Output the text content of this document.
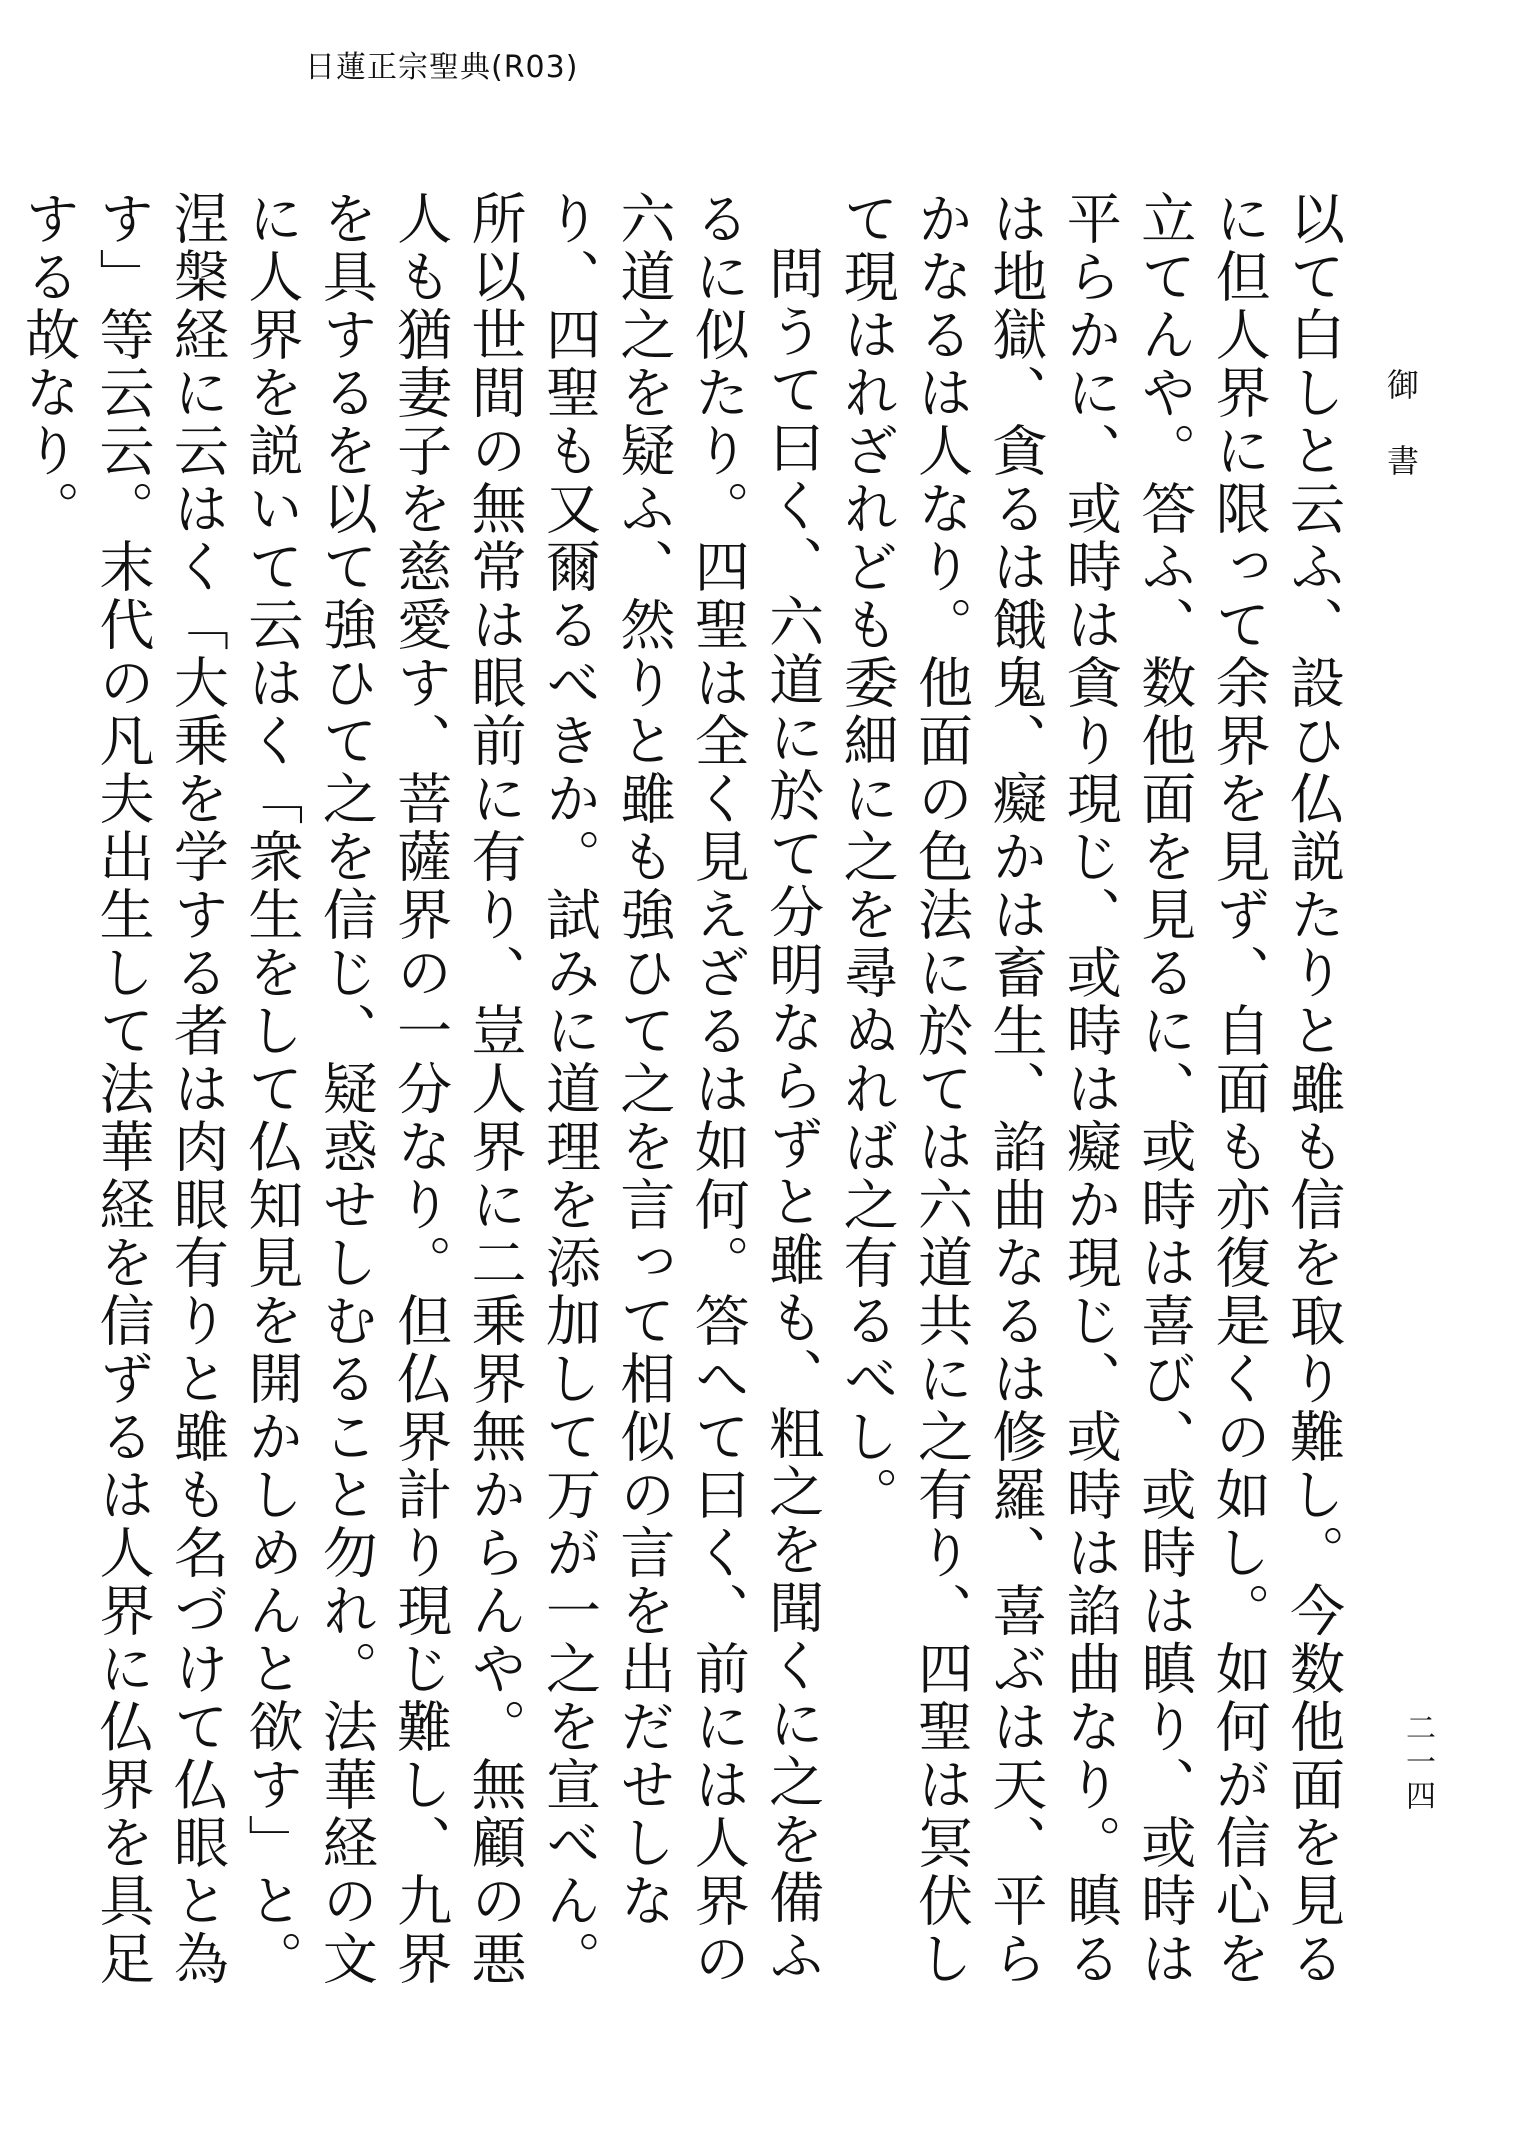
日蓮正宗聖典(R03)
御書
二一四

以て白しと云ふ、設ひ仏説たりと雖も信を取り難し。今数他面を見るに但人界に限って余界を見ず、自面も亦復是くの如し。如何が信心を立てんや。答ふ、数他面を見るに、或時は喜び、或時は瞋り、或時は平らかに、或時は貪り現じ、或時は癡か現じ、或時は諂曲なり。瞋るは地獄、貪るは餓鬼、癡かは畜生、諂曲なるは修羅、喜ぶは天、平らかなるは人なり。他面の色法に於ては六道共に之有り、四聖は冥伏して現はれざれども委細に之を尋ぬれば之有るべし。

問うて曰く、六道に於て分明ならずと雖も、粗之を聞くに之を備ふるに似たり。四聖は全く見えざるは如何。答へて曰く、前には人界の六道之を疑ふ、然りと雖も強ひて之を言って相似の言を出だせしなり、四聖も又爾るべきか。試みに道理を添加して万が一之を宣べん。所以世間の無常は眼前に有り、豈人界に二乗界無からんや。無顧の悪人も猶妻子を慈愛す、菩薩界の一分なり。但仏界計り現じ難し、九界を具するを以て強ひて之を信じ、疑惑せしむること勿れ。法華経の文に人界を説いて云はく「衆生をして仏知見を開かしめんと欲す」と。涅槃経に云はく「大乗を学する者は肉眼有りと雖も名づけて仏眼と為す」等云云。末代の凡夫出生して法華経を信ずるは人界に仏界を具足する故なり。
